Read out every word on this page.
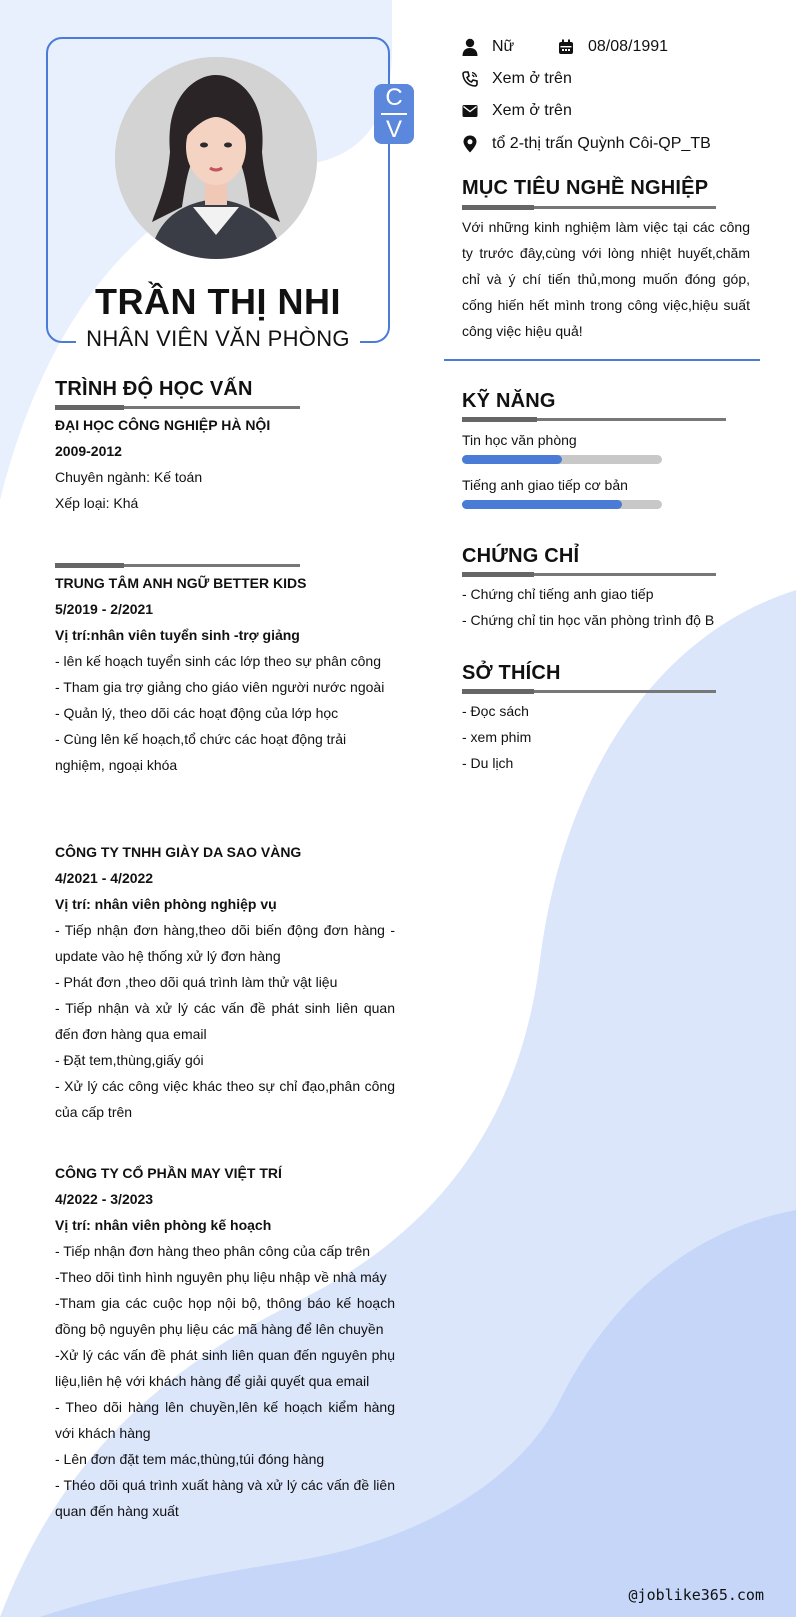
C
V
TRẦN THỊ NHI
NHÂN VIÊN VĂN PHÒNG
Nữ	08/08/1991
Xem ở trên
Xem ở trên
tổ 2-thị trấn Quỳnh Côi-QP_TB
MỤC TIÊU NGHỀ NGHIỆP
Với những kinh nghiệm làm việc tại các công ty trước đây,cùng với lòng nhiệt huyết,chăm chỉ và ý chí tiến thủ,mong muốn đóng góp, cống hiến hết mình trong công việc,hiệu suất công việc hiệu quả!
KỸ NĂNG
Tin học văn phòng
Tiếng anh giao tiếp cơ bản
CHỨNG CHỈ

- Chứng chỉ tiếng anh giao tiếp

- Chứng chỉ tin học văn phòng trình độ B

SỞ THÍCH

- Đọc sách

- xem phim

- Du lịch

TRÌNH ĐỘ HỌC VẤN
ĐẠI HỌC CÔNG NGHIỆP HÀ NỘI
2009-2012
Chuyên ngành: Kế toán
Xếp loại: Khá
TRUNG TÂM ANH NGỮ BETTER KIDS
5/2019 - 2/2021
Vị trí:nhân viên tuyển sinh -trợ giảng
- lên kế hoạch tuyển sinh các lớp theo sự phân công
- Tham gia trợ giảng cho giáo viên người nước ngoài
- Quản lý, theo dõi các hoạt động của lớp học
- Cùng lên kế hoạch,tổ chức các hoạt động trải nghiệm, ngoại khóa
CÔNG TY TNHH GIÀY DA SAO VÀNG
4/2021 - 4/2022
Vị trí: nhân viên phòng nghiệp vụ
- Tiếp nhận đơn hàng,theo dõi biến động đơn hàng -update vào hệ thống xử lý đơn hàng
- Phát đơn ,theo dõi quá trình làm thử vật liệu
- Tiếp nhận và xử lý các vấn đề phát sinh liên quan đến đơn hàng qua email
- Đặt tem,thùng,giấy gói
- Xử lý các công việc khác theo sự chỉ đạo,phân công của cấp trên
CÔNG TY CỔ PHẦN MAY VIỆT TRÍ
4/2022 - 3/2023
Vị trí: nhân viên phòng kế hoạch
- Tiếp nhận đơn hàng theo phân công của cấp trên
-Theo dõi tình hình nguyên phụ liệu nhập về nhà máy
-Tham gia các cuộc họp nội bộ, thông báo kế hoạch đồng bộ nguyên phụ liệu các mã hàng để lên chuyền
-Xử lý các vấn đề phát sinh liên quan đến nguyên phụ liệu,liên hệ với khách hàng để giải quyết qua email
- Theo dõi hàng lên chuyền,lên kế hoạch kiểm hàng với khách hàng
- Lên đơn đặt tem mác,thùng,túi đóng hàng
- Théo dõi quá trình xuất hàng và xử lý các vấn đề liên quan đến hàng xuất
@joblike365.com
